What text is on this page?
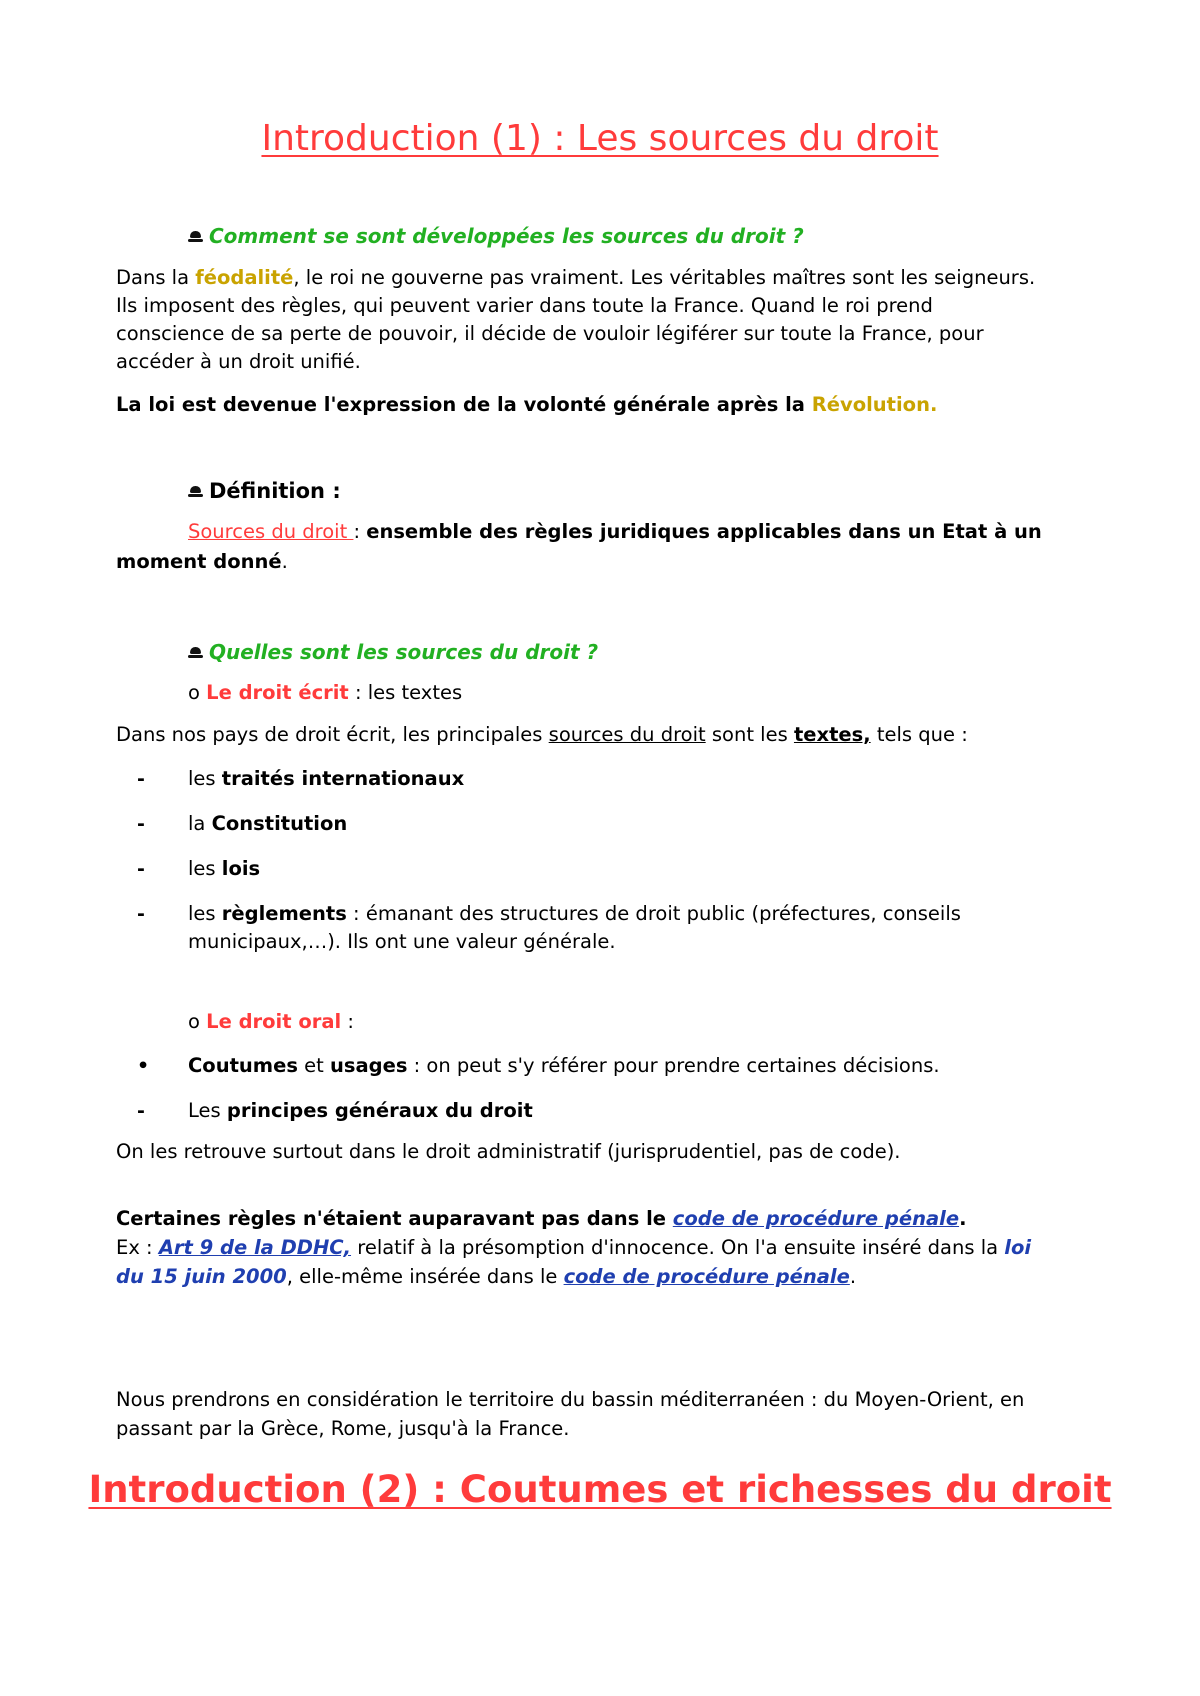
Introduction (1) : Les sources du droit
Comment se sont développées les sources du droit ?
Dans la féodalité, le roi ne gouverne pas vraiment. Les véritables maîtres sont les seigneurs.
Ils imposent des règles, qui peuvent varier dans toute la France. Quand le roi prend
conscience de sa perte de pouvoir, il décide de vouloir légiférer sur toute la France, pour
accéder à un droit unifié.
La loi est devenue l'expression de la volonté générale après la Révolution.
Définition :
Sources du droit : ensemble des règles juridiques applicables dans un Etat à un
moment donné.
Quelles sont les sources du droit ?
o Le droit écrit : les textes
Dans nos pays de droit écrit, les principales sources du droit sont les textes, tels que :
- les traités internationaux
- la Constitution
- les lois
- les règlements : émanant des structures de droit public (préfectures, conseils
municipaux,…). Ils ont une valeur générale.
o Le droit oral :
• Coutumes et usages : on peut s'y référer pour prendre certaines décisions.
- Les principes généraux du droit
On les retrouve surtout dans le droit administratif (jurisprudentiel, pas de code).
Certaines règles n'étaient auparavant pas dans le code de procédure pénale.
Ex : Art 9 de la DDHC, relatif à la présomption d'innocence. On l'a ensuite inséré dans la loi
du 15 juin 2000, elle-même insérée dans le code de procédure pénale.
Nous prendrons en considération le territoire du bassin méditerranéen : du Moyen-Orient, en
passant par la Grèce, Rome, jusqu'à la France.
Introduction (2) : Coutumes et richesses du droit
